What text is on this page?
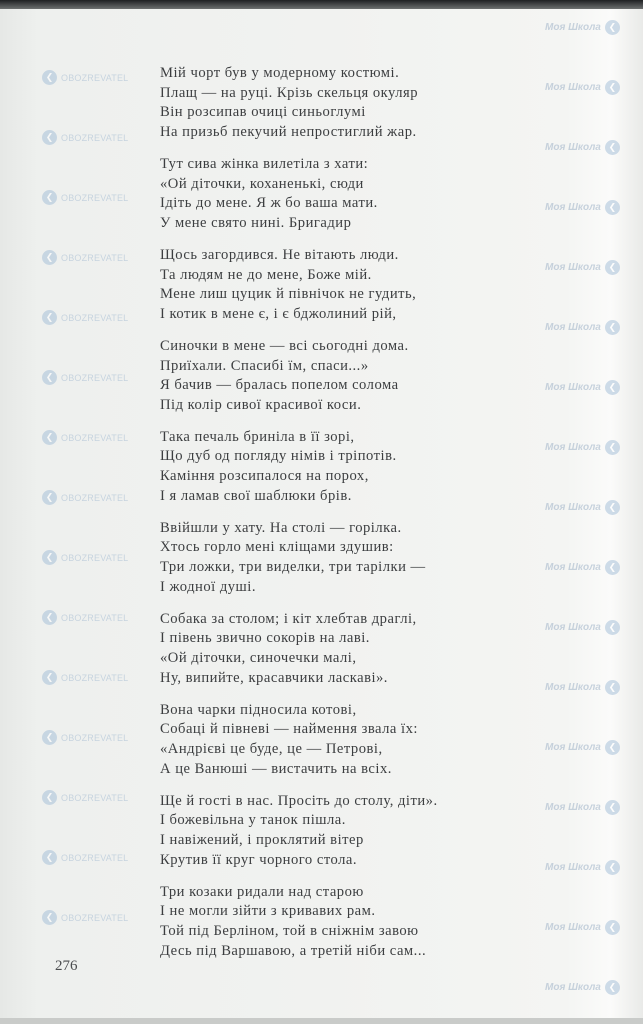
❮ OBOZREVATEL
❮ OBOZREVATEL
❮ OBOZREVATEL
❮ OBOZREVATEL
❮ OBOZREVATEL
❮ OBOZREVATEL
❮ OBOZREVATEL
❮ OBOZREVATEL
❮ OBOZREVATEL
❮ OBOZREVATEL
❮ OBOZREVATEL
❮ OBOZREVATEL
❮ OBOZREVATEL
❮ OBOZREVATEL
❮ OBOZREVATEL
Моя Школа ❮
Моя Школа ❮
Моя Школа ❮
Моя Школа ❮
Моя Школа ❮
Моя Школа ❮
Моя Школа ❮
Моя Школа ❮
Моя Школа ❮
Моя Школа ❮
Моя Школа ❮
Моя Школа ❮
Моя Школа ❮
Моя Школа ❮
Моя Школа ❮
Моя Школа ❮
Моя Школа ❮
Мій чорт був у модерному костюмі.
Плащ — на руці. Крізь скельця окуляр
Він розсипав очиці синьоглумі
На призьб пекучий непростиглий жар.
Тут сива жінка вилетіла з хати:
«Ой діточки, коханенькі, сюди
Ідіть до мене. Я ж бо ваша мати.
У мене свято нині. Бригадир
Щось загордився. Не вітають люди.
Та людям не до мене, Боже мій.
Мене лиш цуцик й північок не гудить,
І котик в мене є, і є бджолиний рій,
Синочки в мене — всі сьогодні дома.
Приїхали. Спасибі їм, спаси...»
Я бачив — бралась попелом солома
Під колір сивої красивої коси.
Така печаль бриніла в її зорі,
Що дуб од погляду німів і тріпотів.
Каміння розсипалося на порох,
І я ламав свої шаблюки брів.
Ввійшли у хату. На столі — горілка.
Хтось горло мені кліщами здушив:
Три ложки, три виделки, три тарілки —
І жодної душі.
Собака за столом; і кіт хлебтав драглі,
І півень звично сокорів на лаві.
«Ой діточки, синочечки малі,
Ну, випийте, красавчики ласкаві».
Вона чарки підносила котові,
Собаці й півневі — наймення звала їх:
«Андрієві це буде, це — Петрові,
А це Ванюші — вистачить на всіх.
Ще й гості в нас. Просіть до столу, діти».
І божевільна у танок пішла.
І навіжений, і проклятий вітер
Крутив її круг чорного стола.
Три козаки ридали над старою
І не могли зійти з кривавих рам.
Той під Берліном, той в сніжнім завою
Десь під Варшавою, а третій ніби сам...
276
